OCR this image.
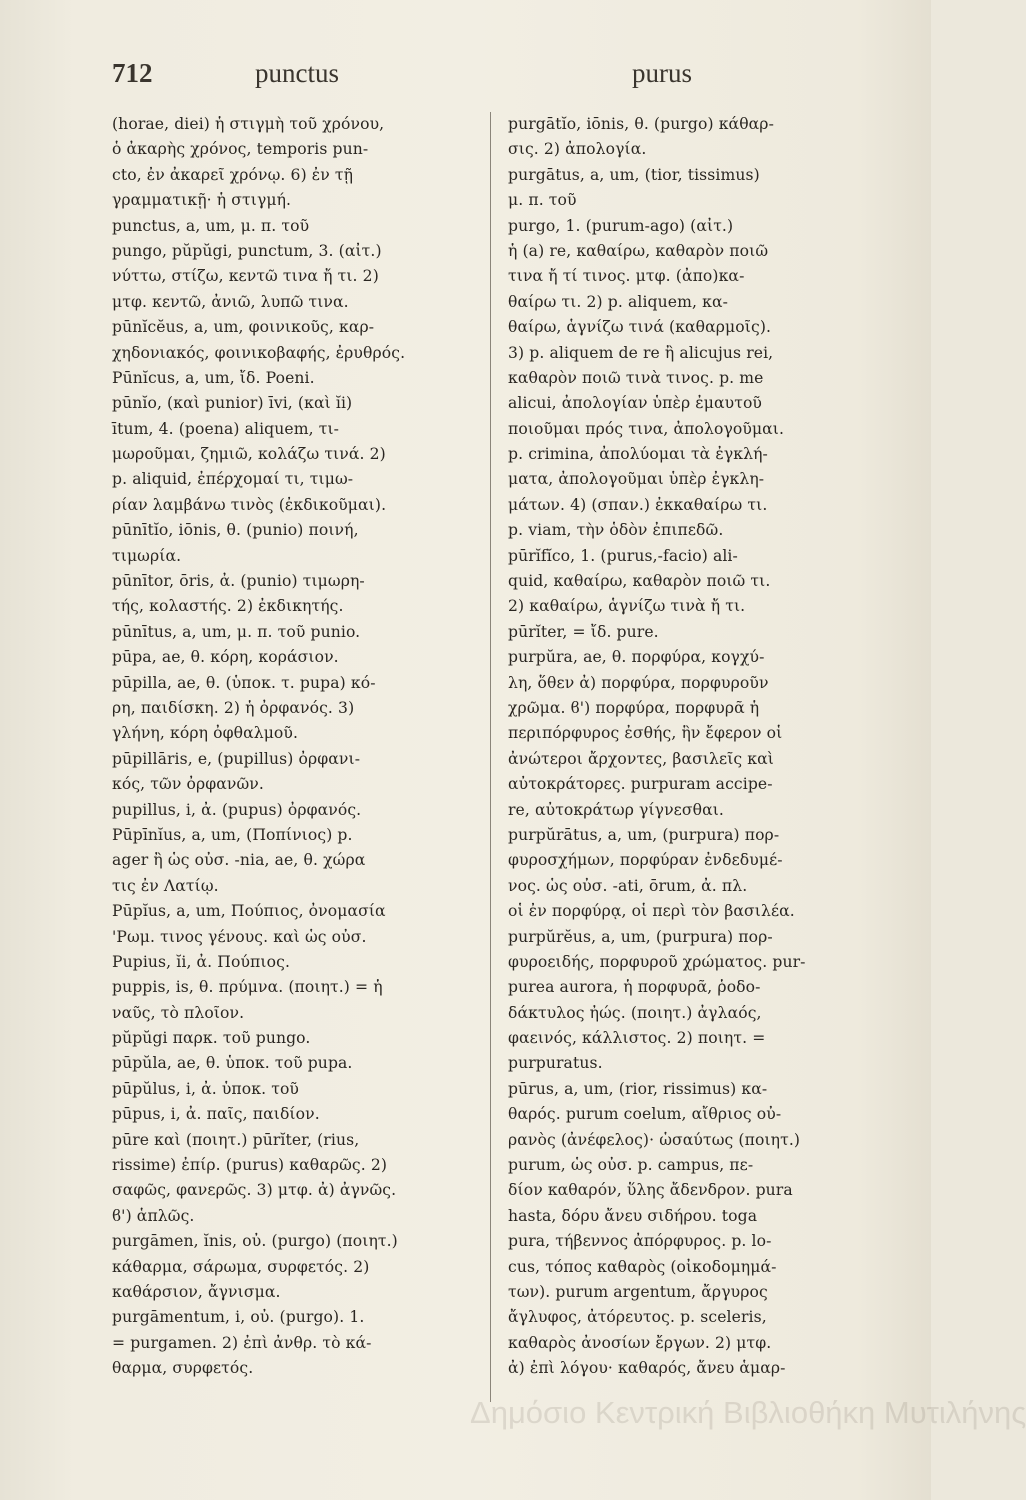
712	punctus	purus
(horae, diei) ἡ στιγμὴ τοῦ χρόνου,
ὁ ἀκαρὴς χρόνος, temporis pun-
cto, ἐν ἀκαρεῖ χρόνῳ. 6) ἐν τῇ
γραμματικῇ· ἡ στιγμή.
punctus, a, um, μ. π. τοῦ
pungo, pŭpŭgi, punctum, 3. (αἰτ.)
νύττω, στίζω, κεντῶ τινα ἤ τι. 2)
μτφ. κεντῶ, ἀνιῶ, λυπῶ τινα.
pūnĭcĕus, a, um, φοινικοῦς, καρ-
χηδονιακός, φοινικοβαφής, ἐρυθρός.
Pūnĭcus, a, um, ἴδ. Poeni.
pūnĭo, (καὶ punior) īvi, (καὶ ĭi)
ītum, 4. (poena) aliquem, τι-
μωροῦμαι, ζημιῶ, κολάζω τινά. 2)
p. aliquid, ἐπέρχομαί τι, τιμω-
ρίαν λαμβάνω τινὸς (ἐκδικοῦμαι).
pūnītĭo, iōnis, θ. (punio) ποινή,
τιμωρία.
pūnītor, ōris, ἀ. (punio) τιμωρη-
τής, κολαστής. 2) ἐκδικητής.
pūnītus, a, um, μ. π. τοῦ punio.
pūpa, ae, θ. κόρη, κοράσιον.
pūpilla, ae, θ. (ὑποκ. τ. pupa) κό-
ρη, παιδίσκη. 2) ἡ ὀρφανός. 3)
γλήνη, κόρη ὀφθαλμοῦ.
pūpillāris, e, (pupillus) ὀρφανι-
κός, τῶν ὀρφανῶν.
pupillus, i, ἀ. (pupus) ὀρφανός.
Pūpīnĭus, a, um, (Ποπίνιος) p.
ager ἢ ὡς οὐσ. -nia, ae, θ. χώρα
τις ἐν Λατίῳ.
Pūpĭus, a, um, Πούπιος, ὀνομασία
'Ρωμ. τινος γένους. καὶ ὡς οὐσ.
Pupius, ĭi, ἀ. Πούπιος.
puppis, is, θ. πρύμνα. (ποιητ.) = ἡ
ναῦς, τὸ πλοῖον.
pŭpŭgi παρκ. τοῦ pungo.
pūpŭla, ae, θ. ὑποκ. τοῦ pupa.
pūpŭlus, i, ἀ. ὑποκ. τοῦ
pūpus, i, ἀ. παῖς, παιδίον.
pūre καὶ (ποιητ.) pūrĭter, (rius,
rissime) ἐπίρ. (purus) καθαρῶς. 2)
σαφῶς, φανερῶς. 3) μτφ. ἀ) ἀγνῶς.
ϐ') ἁπλῶς.
purgāmen, ĭnis, οὐ. (purgo) (ποιητ.)
κάθαρμα, σάρωμα, συρφετός. 2)
καθάρσιον, ἄγνισμα.
purgāmentum, i, οὐ. (purgo). 1.
= purgamen. 2) ἐπὶ ἀνθρ. τὸ κά-
θαρμα, συρφετός.
purgātĭo, iōnis, θ. (purgo) κάθαρ-
σις. 2) ἀπολογία.
purgātus, a, um, (tior, tissimus)
μ. π. τοῦ
purgo, 1. (purum-ago) (αἰτ.)
ἡ (a) re, καθαίρω, καθαρὸν ποιῶ
τινα ἤ τί τινος. μτφ. (ἀπο)κα-
θαίρω τι. 2) p. aliquem, κα-
θαίρω, ἁγνίζω τινά (καθαρμοῖς).
3) p. aliquem de re ἢ alicujus rei,
καθαρὸν ποιῶ τινὰ τινος. p. me
alicui, ἀπολογίαν ὑπὲρ ἐμαυτοῦ
ποιοῦμαι πρός τινα, ἀπολογοῦμαι.
p. crimina, ἀπολύομαι τὰ ἐγκλή-
ματα, ἀπολογοῦμαι ὑπὲρ ἐγκλη-
μάτων. 4) (σπαν.) ἐκκαθαίρω τι.
p. viam, τὴν ὁδὸν ἐπιπεδῶ.
pūrĭfĭco, 1. (purus,-facio) ali-
quid, καθαίρω, καθαρὸν ποιῶ τι.
2) καθαίρω, ἁγνίζω τινὰ ἤ τι.
pūrĭter, = ἴδ. pure.
purpŭra, ae, θ. πορφύρα, κογχύ-
λη, ὅθεν ἀ) πορφύρα, πορφυροῦν
χρῶμα. ϐ') πορφύρα, πορφυρᾶ ἡ
περιπόρφυρος ἐσθής, ἣν ἔφερον οἱ
ἀνώτεροι ἄρχοντες, βασιλεῖς καὶ
αὐτοκράτορες. purpuram accipe-
re, αὐτοκράτωρ γίγνεσθαι.
purpŭrātus, a, um, (purpura) πορ-
φυροσχήμων, πορφύραν ἐνδεδυμέ-
νος. ὡς οὐσ. -ati, ōrum, ἀ. πλ.
οἱ ἐν πορφύρᾳ, οἱ περὶ τὸν βασιλέα.
purpŭrĕus, a, um, (purpura) πορ-
φυροειδής, πορφυροῦ χρώματος. pur-
purea aurora, ἡ πορφυρᾶ, ῥοδο-
δάκτυλος ἠώς. (ποιητ.) ἀγλαός,
φαεινός, κάλλιστος. 2) ποιητ. =
purpuratus.
pūrus, a, um, (rior, rissimus) κα-
θαρός. purum coelum, αἴθριος οὐ-
ρανὸς (ἀνέφελος)· ὡσαύτως (ποιητ.)
purum, ὡς οὐσ. p. campus, πε-
δίον καθαρόν, ὕλης ἄδενδρον. pura
hasta, δόρυ ἄνευ σιδήρου. toga
pura, τήβεννος ἀπόρφυρος. p. lo-
cus, τόπος καθαρὸς (οἰκοδομημά-
των). purum argentum, ἄργυρος
ἄγλυφος, ἀτόρευτος. p. sceleris,
καθαρὸς ἀνοσίων ἔργων. 2) μτφ.
ἀ) ἐπὶ λόγου· καθαρός, ἄνευ ἁμαρ-
Δημόσιο Κεντρική Βιβλιοθήκη Μυτιλήνης
